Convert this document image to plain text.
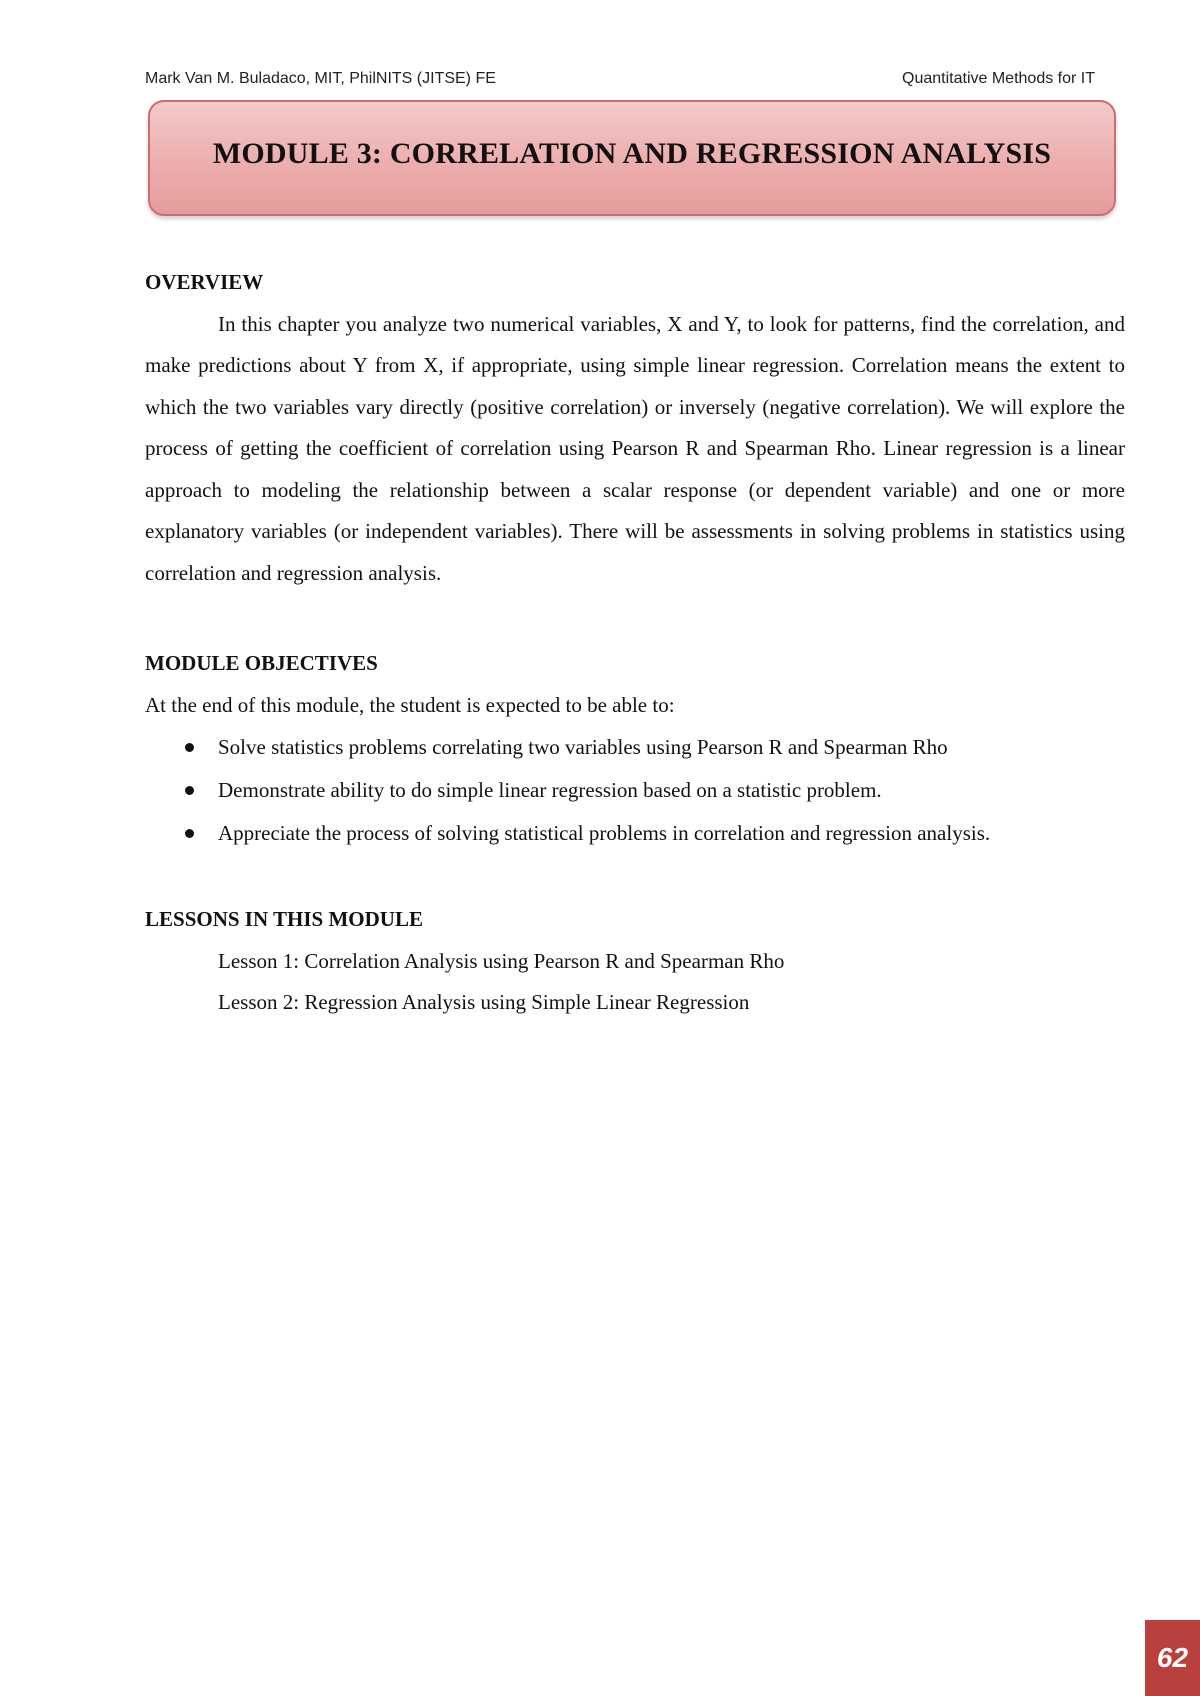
Mark Van M. Buladaco, MIT, PhilNITS (JITSE) FE	Quantitative Methods for IT
MODULE 3: CORRELATION AND REGRESSION ANALYSIS

OVERVIEW

In this chapter you analyze two numerical variables, X and Y, to look for patterns, find the correlation, and make predictions about Y from X, if appropriate, using simple linear regression. Correlation means the extent to which the two variables vary directly (positive correlation) or inversely (negative correlation). We will explore the process of getting the coefficient of correlation using Pearson R and Spearman Rho. Linear regression is a linear approach to modeling the relationship between a scalar response (or dependent variable) and one or more explanatory variables (or independent variables). There will be assessments in solving problems in statistics using correlation and regression analysis.

MODULE OBJECTIVES

At the end of this module, the student is expected to be able to:

Solve statistics problems correlating two variables using Pearson R and Spearman Rho
Demonstrate ability to do simple linear regression based on a statistic problem.
Appreciate the process of solving statistical problems in correlation and regression analysis.

LESSONS IN THIS MODULE

Lesson 1: Correlation Analysis using Pearson R and Spearman Rho

Lesson 2: Regression Analysis using Simple Linear Regression

62
